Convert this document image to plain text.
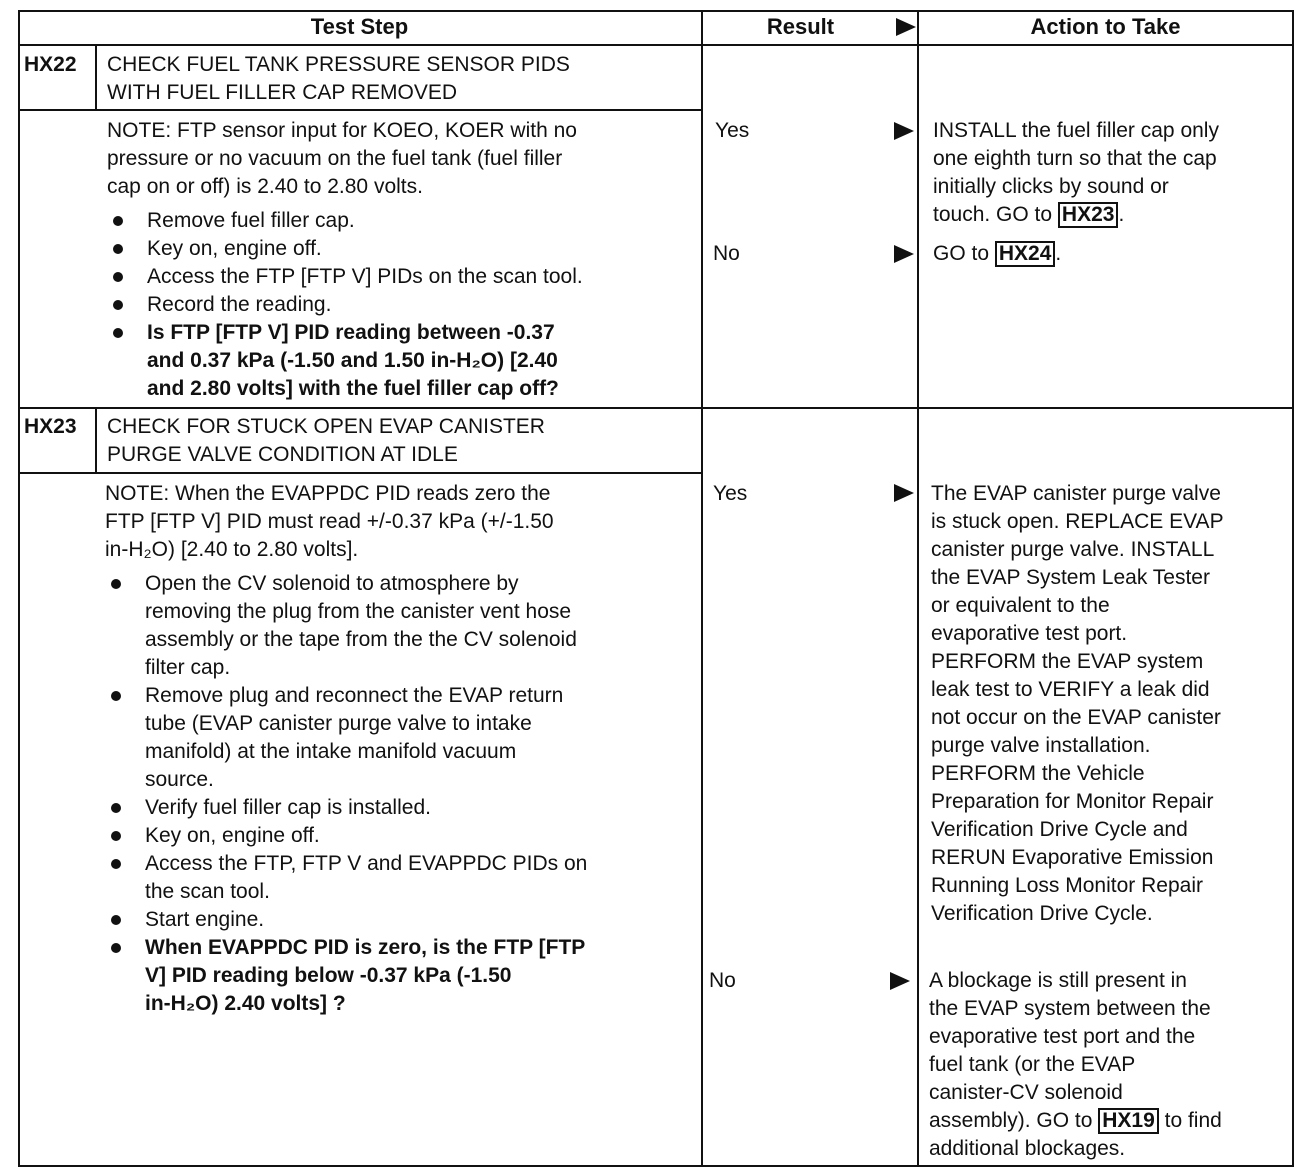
Test Step	Result	Action to Take
HX22 CHECK FUEL TANK PRESSURE SENSOR PIDS

WITH FUEL FILLER CAP REMOVED

NOTE: FTP sensor input for KOEO, KOER with no

pressure or no vacuum on the fuel tank (fuel filler

cap on or off) is 2.40 to 2.80 volts.

Remove fuel filler cap.
Key on, engine off.
Access the FTP [FTP V] PIDs on the scan tool.
Record the reading.
Is FTP [FTP V] PID reading between -0.37
and 0.37 kPa (-1.50 and 1.50 in-H₂O) [2.40
and 2.80 volts] with the fuel filler cap off?
Yes
No

INSTALL the fuel filler cap only

one eighth turn so that the cap

initially clicks by sound or

touch. GO to HX23 .

GO to HX24 .

HX23 CHECK FOR STUCK OPEN EVAP CANISTER

PURGE VALVE CONDITION AT IDLE

NOTE: When the EVAPPDC PID reads zero the

FTP [FTP V] PID must read +/-0.37 kPa (+/-1.50

in-H₂O) [2.40 to 2.80 volts].

Open the CV solenoid to atmosphere by
removing the plug from the canister vent hose
assembly or the tape from the the CV solenoid
filter cap.
Remove plug and reconnect the EVAP return
tube (EVAP canister purge valve to intake
manifold) at the intake manifold vacuum
source.
Verify fuel filler cap is installed.
Key on, engine off.
Access the FTP, FTP V and EVAPPDC PIDs on
the scan tool.
Start engine.
When EVAPPDC PID is zero, is the FTP [FTP
V] PID reading below -0.37 kPa (-1.50
in-H₂O) 2.40 volts] ?
Yes
No

The EVAP canister purge valve

is stuck open. REPLACE EVAP

canister purge valve. INSTALL

the EVAP System Leak Tester

or equivalent to the

evaporative test port.

PERFORM the EVAP system

leak test to VERIFY a leak did

not occur on the EVAP canister

purge valve installation.

PERFORM the Vehicle

Preparation for Monitor Repair

Verification Drive Cycle and

RERUN Evaporative Emission

Running Loss Monitor Repair

Verification Drive Cycle.

A blockage is still present in

the EVAP system between the

evaporative test port and the

fuel tank (or the EVAP

canister-CV solenoid

assembly). GO to HX19 to find

additional blockages.
